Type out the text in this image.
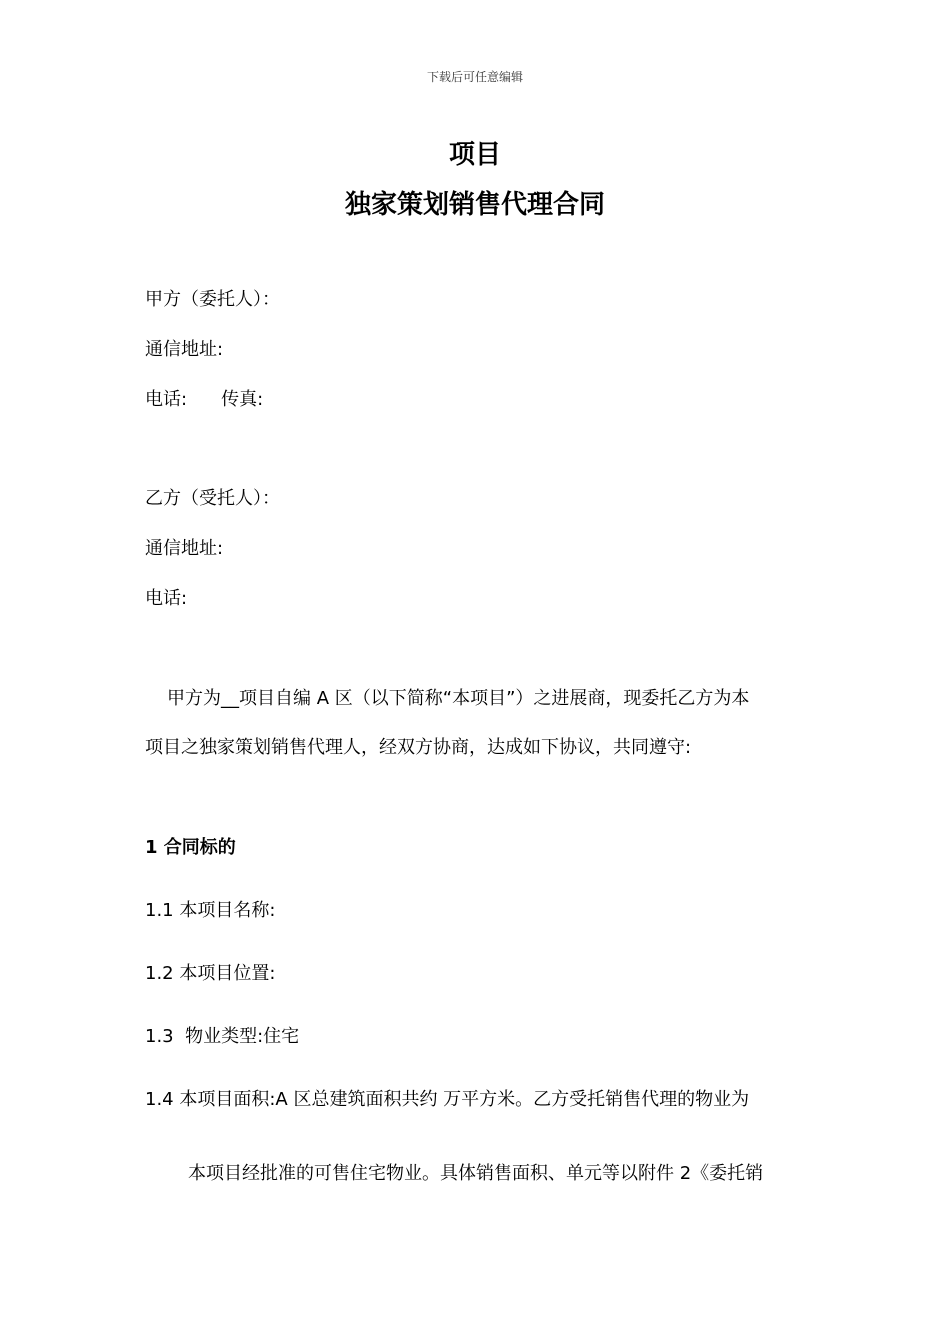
下载后可任意编辑
项目
独家策划销售代理合同
甲方（委托人）：
通信地址:
电话: 传真:
乙方（受托人）：
通信地址:
电话:
甲方为__项目自编 A 区（以下简称“本项目”）之进展商，现委托乙方为本
项目之独家策划销售代理人，经双方协商，达成如下协议，共同遵守:
1 合同标的
1.1 本项目名称:
1.2 本项目位置:
1.3  物业类型:住宅
1.4 本项目面积:A 区总建筑面积共约 万平方米。乙方受托销售代理的物业为
本项目经批准的可售住宅物业。具体销售面积、单元等以附件 2《委托销
